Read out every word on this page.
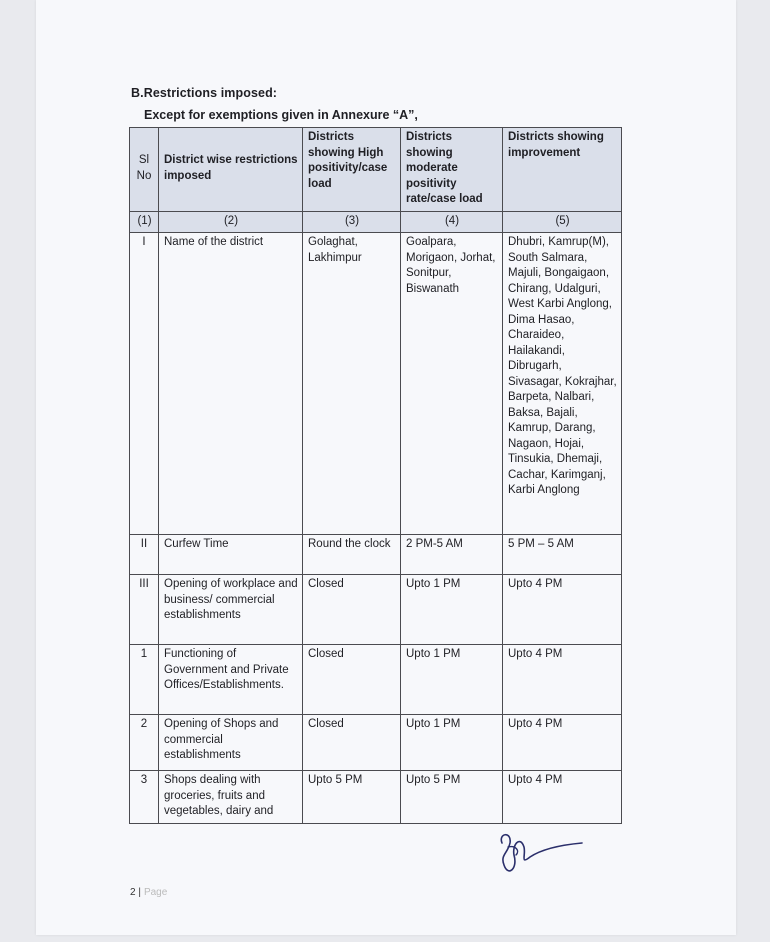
B.Restrictions imposed:
Except for exemptions given in Annexure “A”,
Sl No	District wise restrictions imposed	Districts showing High positivity/case load	Districts showing moderate positivity rate/case load	Districts showing improvement
(1)	(2)	(3)	(4)	(5)
I	Name of the district	Golaghat, Lakhimpur	Goalpara, Morigaon, Jorhat, Sonitpur, Biswanath	Dhubri, Kamrup(M), South Salmara, Majuli, Bongaigaon, Chirang, Udalguri, West Karbi Anglong, Dima Hasao, Charaideo, Hailakandi, Dibrugarh, Sivasagar, Kokrajhar, Barpeta, Nalbari, Baksa, Bajali, Kamrup, Darang, Nagaon, Hojai, Tinsukia, Dhemaji, Cachar, Karimganj, Karbi Anglong
II	Curfew Time	Round the clock	2 PM-5 AM	5 PM – 5 AM
III	Opening of workplace and business/ commercial establishments	Closed	Upto 1 PM	Upto 4 PM
1	Functioning of Government and Private Offices/Establishments.	Closed	Upto 1 PM	Upto 4 PM
2	Opening of Shops and commercial establishments	Closed	Upto 1 PM	Upto 4 PM
3	Shops dealing with groceries, fruits and vegetables, dairy and	Upto 5 PM	Upto 5 PM	Upto 4 PM
2 | Page
